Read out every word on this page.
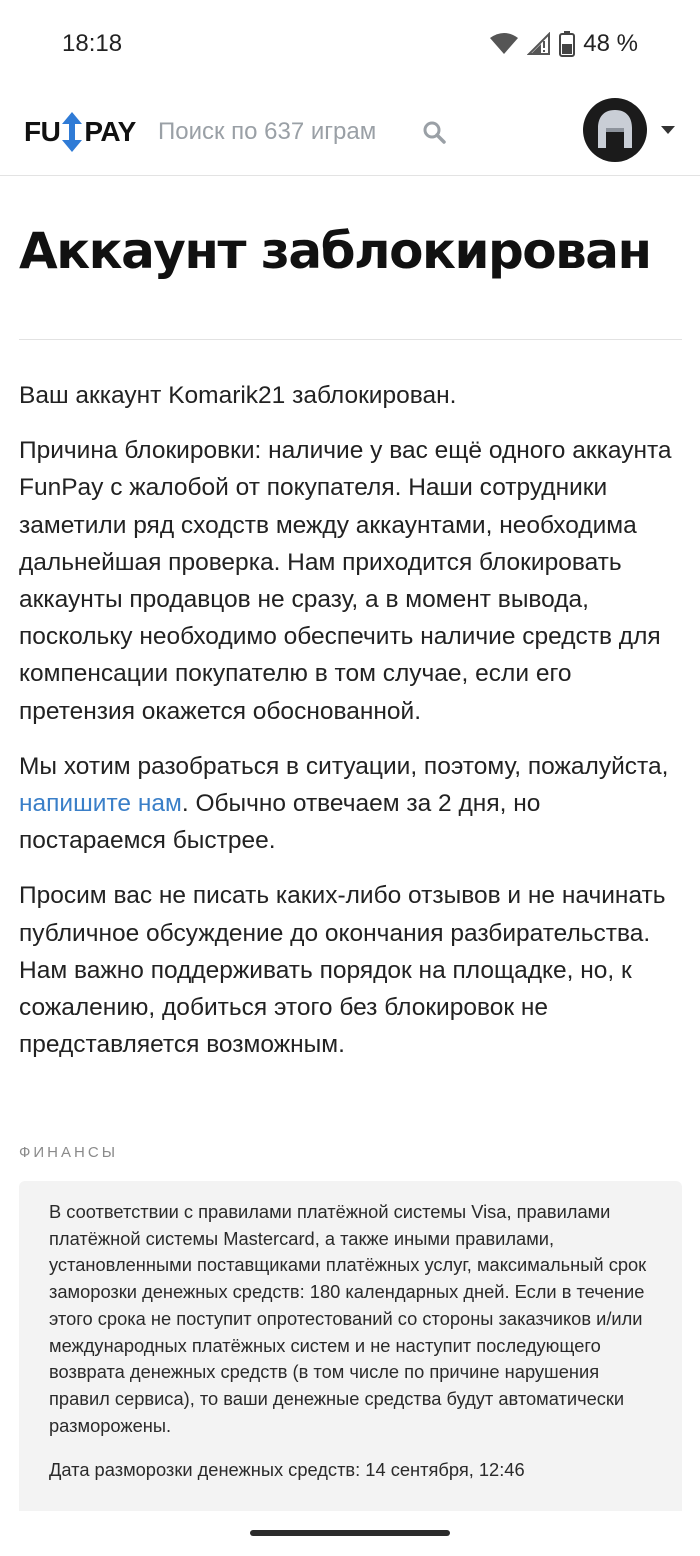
18:18	48 %
FU PAY
Поиск по 637 играм
Аккаунт заблокирован

Ваш аккаунт Komarik21 заблокирован.

Причина блокировки: наличие у вас ещё одного аккаунта FunPay с жалобой от покупателя. Наши сотрудники заметили ряд сходств между аккаунтами, необходима дальнейшая проверка. Нам приходится блокировать аккаунты продавцов не сразу, а в момент вывода, поскольку необходимо обеспечить наличие средств для компенсации покупателю в том случае, если его претензия окажется обоснованной.

Мы хотим разобраться в ситуации, поэтому, пожалуйста, напишите нам. Обычно отвечаем за 2 дня, но постараемся быстрее.

Просим вас не писать каких-либо отзывов и не начинать публичное обсуждение до окончания разбирательства. Нам важно поддерживать порядок на площадке, но, к сожалению, добиться этого без блокировок не представляется возможным.

ФИНАНСЫ

В соответствии с правилами платёжной системы Visa, правилами платёжной системы Mastercard, а также иными правилами, установленными поставщиками платёжных услуг, максимальный срок заморозки денежных средств: 180 календарных дней. Если в течение этого срока не поступит опротестований со стороны заказчиков и/или международных платёжных систем и не наступит последующего возврата денежных средств (в том числе по причине нарушения правил сервиса), то ваши денежные средства будут автоматически разморожены.

Дата разморозки денежных средств: 14 сентября, 12:46
